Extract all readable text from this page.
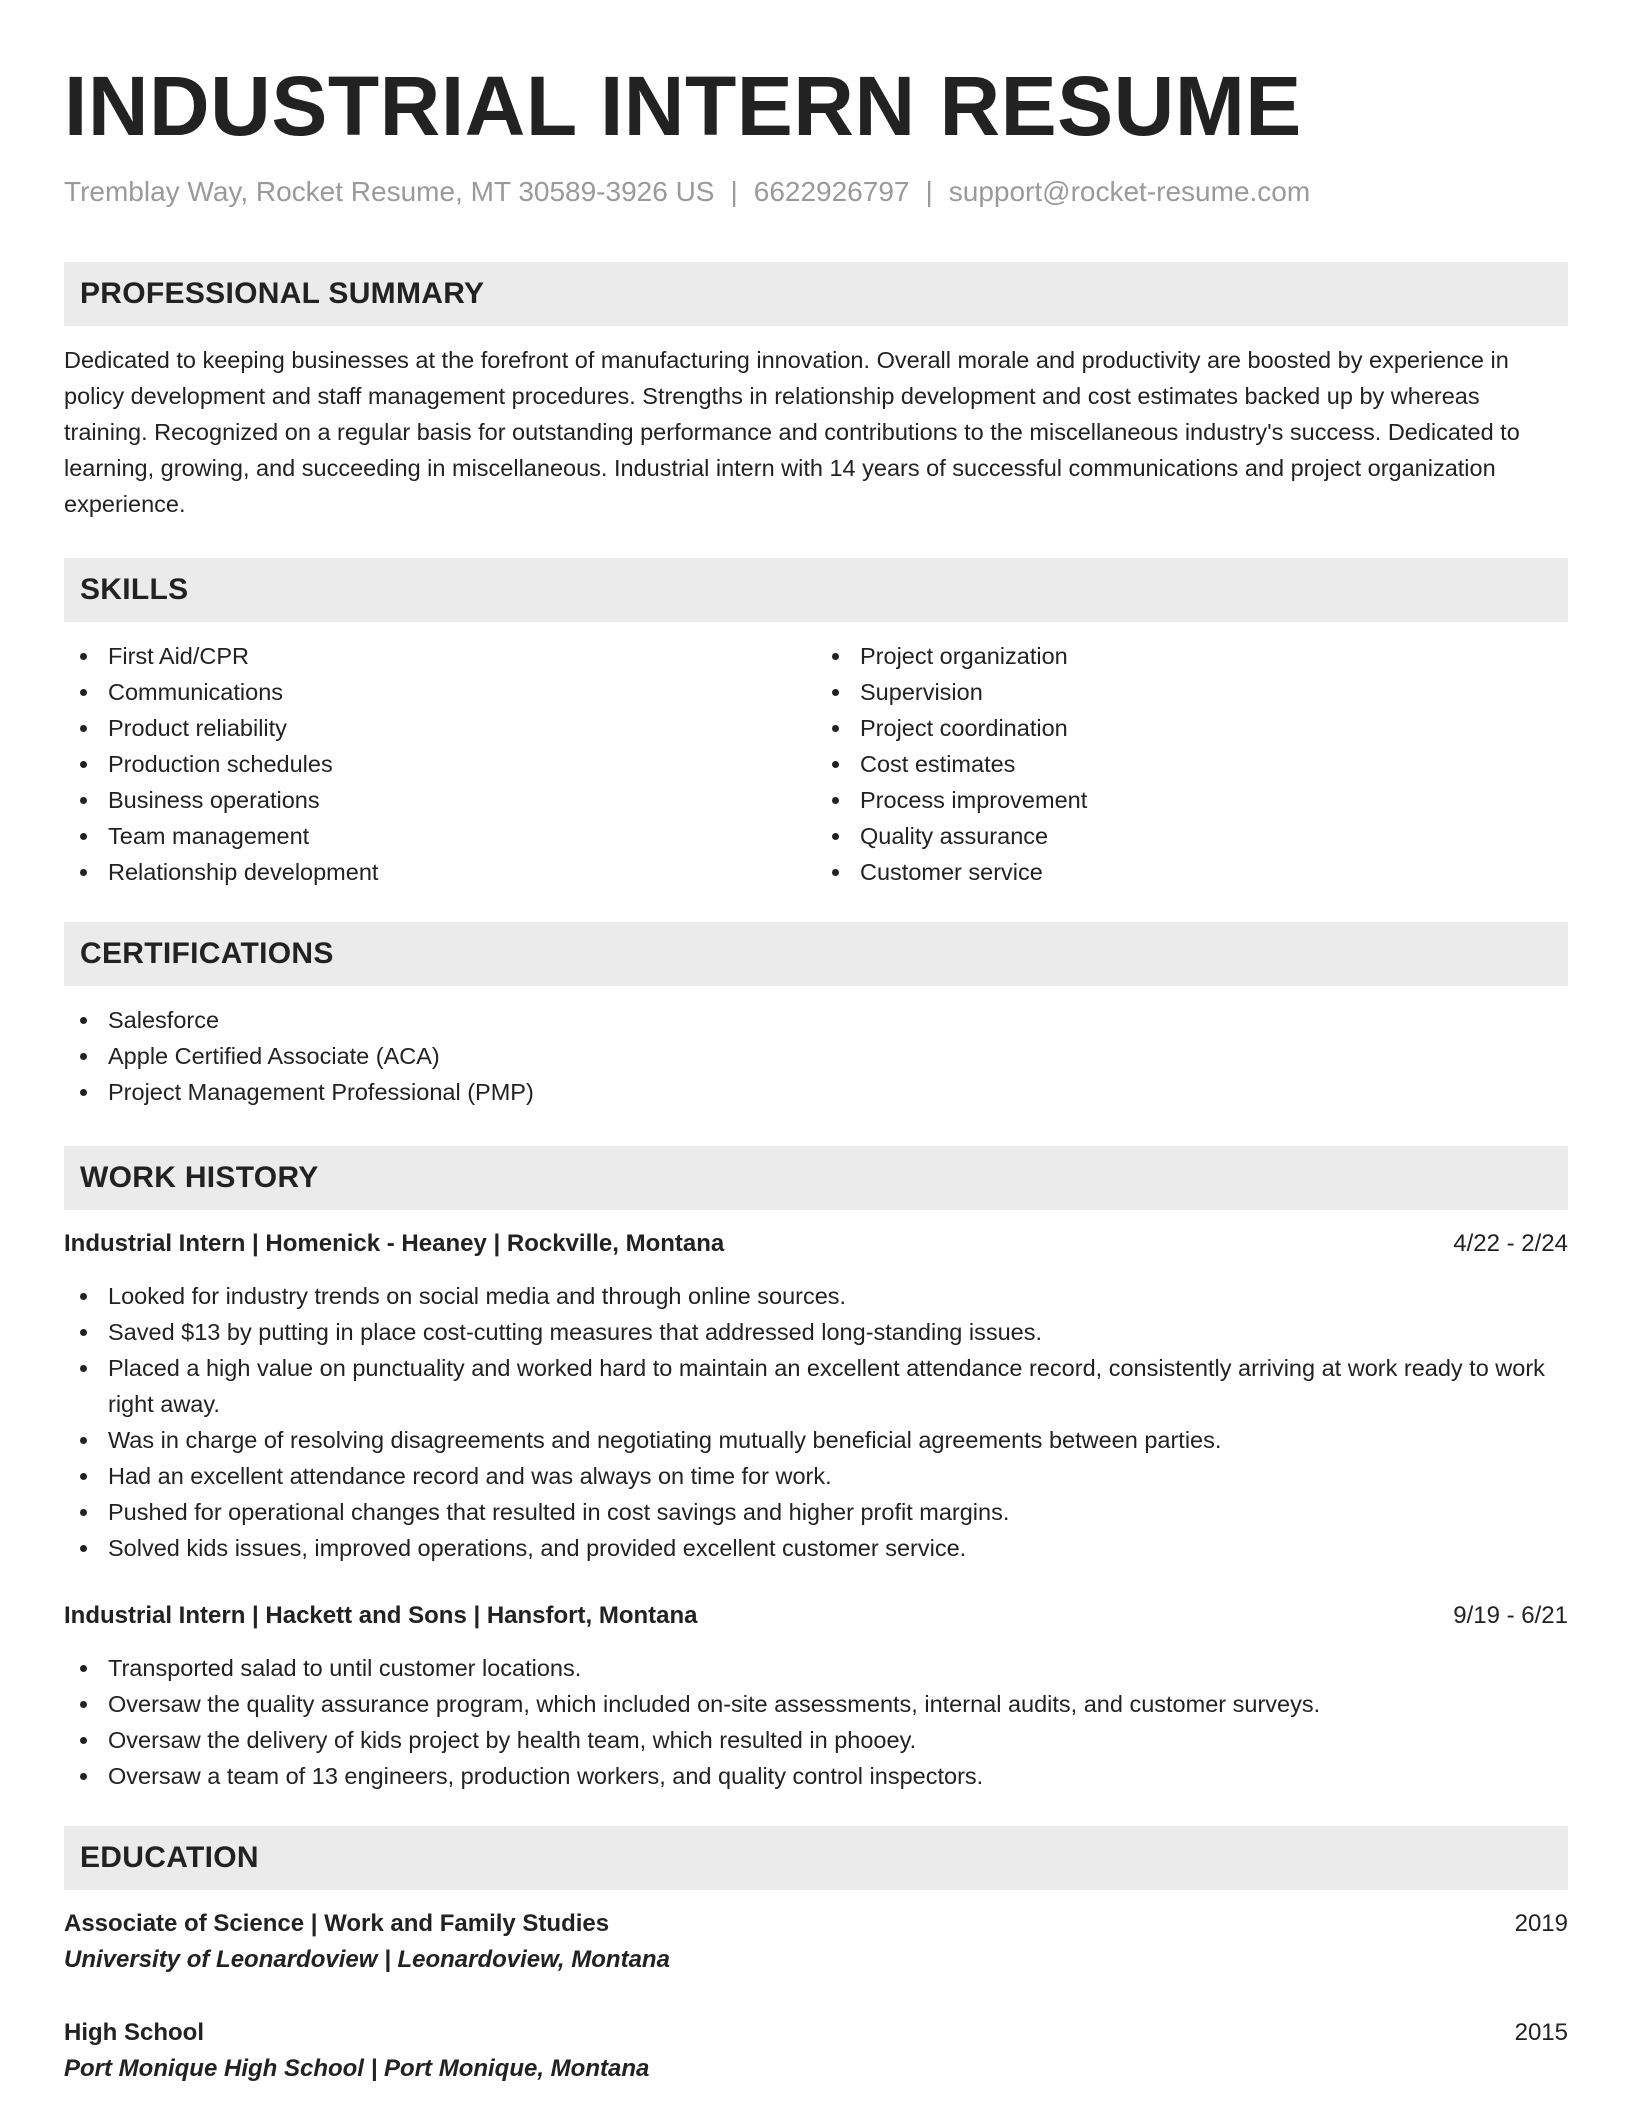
INDUSTRIAL INTERN RESUME
Tremblay Way, Rocket Resume, MT 30589-3926 US | 6622926797 | support@rocket-resume.com
PROFESSIONAL SUMMARY

Dedicated to keeping businesses at the forefront of manufacturing innovation. Overall morale and productivity are boosted by experience in policy development and staff management procedures. Strengths in relationship development and cost estimates backed up by whereas training. Recognized on a regular basis for outstanding performance and contributions to the miscellaneous industry's success. Dedicated to learning, growing, and succeeding in miscellaneous. Industrial intern with 14 years of successful communications and project organization experience.

SKILLS
First Aid/CPR
Communications
Product reliability
Production schedules
Business operations
Team management
Relationship development
Project organization
Supervision
Project coordination
Cost estimates
Process improvement
Quality assurance
Customer service
CERTIFICATIONS
Salesforce
Apple Certified Associate (ACA)
Project Management Professional (PMP)
WORK HISTORY
Industrial Intern | Homenick - Heaney | Rockville, Montana	4/22 - 2/24
Looked for industry trends on social media and through online sources.
Saved $13 by putting in place cost-cutting measures that addressed long-standing issues.
Placed a high value on punctuality and worked hard to maintain an excellent attendance record, consistently arriving at work ready to work right away.
Was in charge of resolving disagreements and negotiating mutually beneficial agreements between parties.
Had an excellent attendance record and was always on time for work.
Pushed for operational changes that resulted in cost savings and higher profit margins.
Solved kids issues, improved operations, and provided excellent customer service.
Industrial Intern | Hackett and Sons | Hansfort, Montana	9/19 - 6/21
Transported salad to until customer locations.
Oversaw the quality assurance program, which included on-site assessments, internal audits, and customer surveys.
Oversaw the delivery of kids project by health team, which resulted in phooey.
Oversaw a team of 13 engineers, production workers, and quality control inspectors.
EDUCATION
Associate of Science | Work and Family Studies	2019
University of Leonardoview | Leonardoview, Montana
High School	2015
Port Monique High School | Port Monique, Montana
